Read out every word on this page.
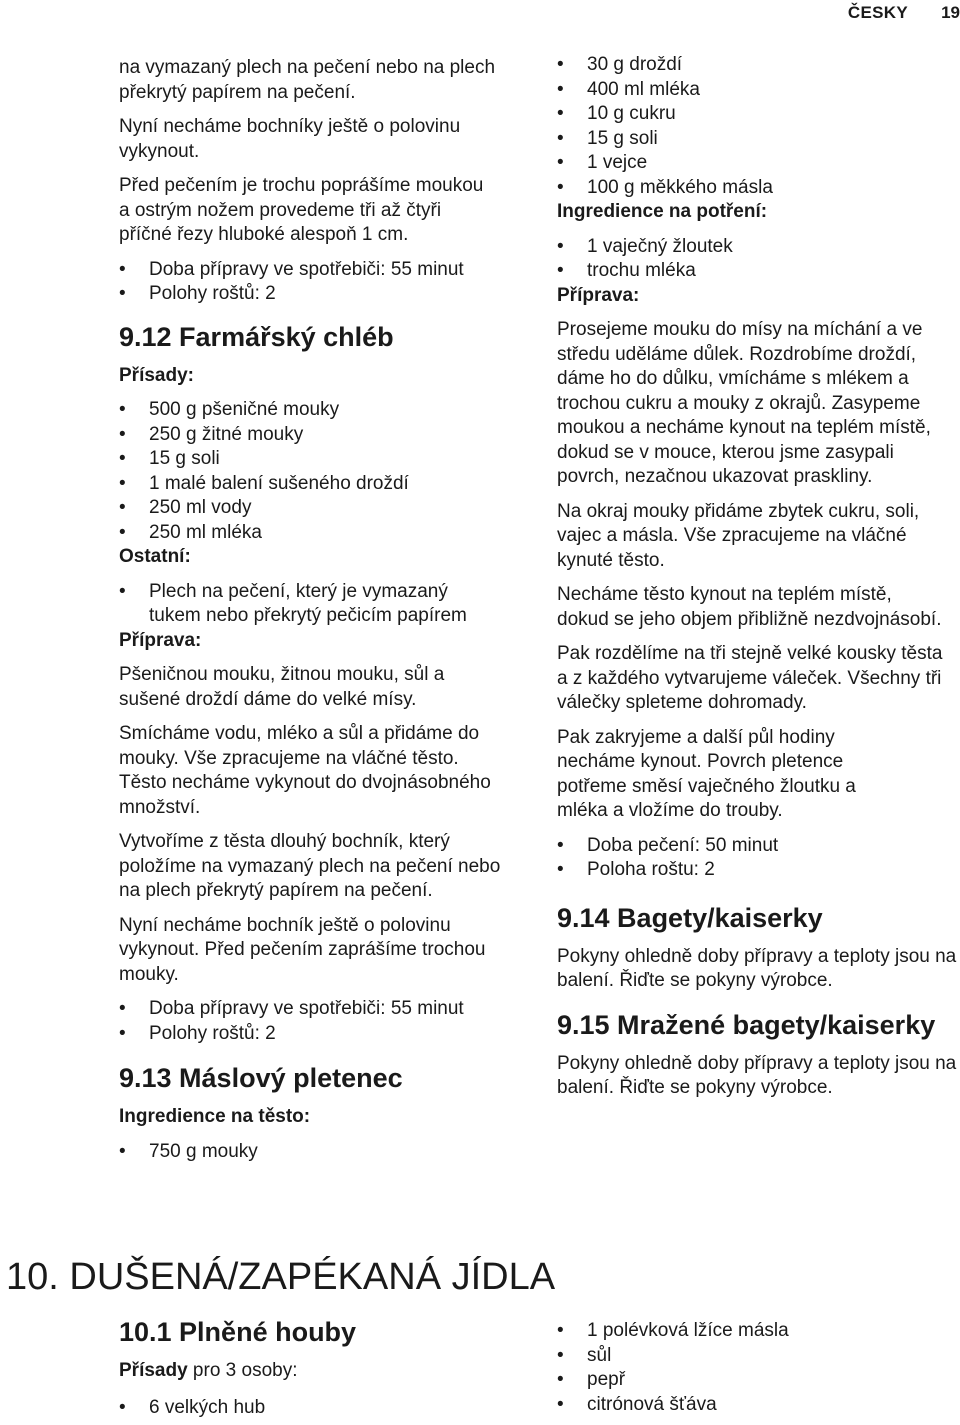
ČESKY 19

na vymazaný plech na pečení nebo na plech překrytý papírem na pečení.

Nyní necháme bochníky ještě o polovinu vykynout.

Před pečením je trochu poprášíme moukou a ostrým nožem provedeme tři až čtyři příčné řezy hluboké alespoň 1 cm.

• Doba přípravy ve spotřebiči: 55 minut
• Polohy roštů: 2
9.12 Farmářský chléb
Přísady:
• 500 g pšeničné mouky
• 250 g žitné mouky
• 15 g soli
• 1 malé balení sušeného droždí
• 250 ml vody
• 250 ml mléka
Ostatní:
• Plech na pečení, který je vymazaný tukem nebo překrytý pečicím papírem
Příprava:

Pšeničnou mouku, žitnou mouku, sůl a sušené droždí dáme do velké mísy.

Smícháme vodu, mléko a sůl a přidáme do mouky. Vše zpracujeme na vláčné těsto. Těsto necháme vykynout do dvojnásobného množství.

Vytvoříme z těsta dlouhý bochník, který položíme na vymazaný plech na pečení nebo na plech překrytý papírem na pečení.

Nyní necháme bochník ještě o polovinu vykynout. Před pečením zaprášíme trochou mouky.

• Doba přípravy ve spotřebiči: 55 minut
• Polohy roštů: 2
9.13 Máslový pletenec
Ingredience na těsto:
• 750 g mouky
• 30 g droždí
• 400 ml mléka
• 10 g cukru
• 15 g soli
• 1 vejce
• 100 g měkkého másla
Ingredience na potření:
• 1 vaječný žloutek
• trochu mléka
Příprava:

Prosejeme mouku do mísy na míchání a ve středu uděláme důlek. Rozdrobíme droždí, dáme ho do důlku, vmícháme s mlékem a trochou cukru a mouky z okrajů. Zasypeme moukou a necháme kynout na teplém místě, dokud se v mouce, kterou jsme zasypali povrch, nezačnou ukazovat praskliny.

Na okraj mouky přidáme zbytek cukru, soli, vajec a másla. Vše zpracujeme na vláčné kynuté těsto.

Necháme těsto kynout na teplém místě, dokud se jeho objem přibližně nezdvojnásobí.

Pak rozdělíme na tři stejně velké kousky těsta a z každého vytvarujeme váleček. Všechny tři válečky spleteme dohromady.

Pak zakryjeme a další půl hodiny necháme kynout. Povrch pletence potřeme směsí vaječného žloutku a mléka a vložíme do trouby.

• Doba pečení: 50 minut
• Poloha roštu: 2
9.14 Bagety/kaiserky

Pokyny ohledně doby přípravy a teploty jsou na balení. Řiďte se pokyny výrobce.

9.15 Mražené bagety/kaiserky

Pokyny ohledně doby přípravy a teploty jsou na balení. Řiďte se pokyny výrobce.

10. DUŠENÁ/ZAPÉKANÁ JÍDLA
10.1 Plněné houby
Přísady pro 3 osoby:
• 6 velkých hub
• 1 polévková lžíce másla
• sůl
• pepř
• citrónová šťáva
